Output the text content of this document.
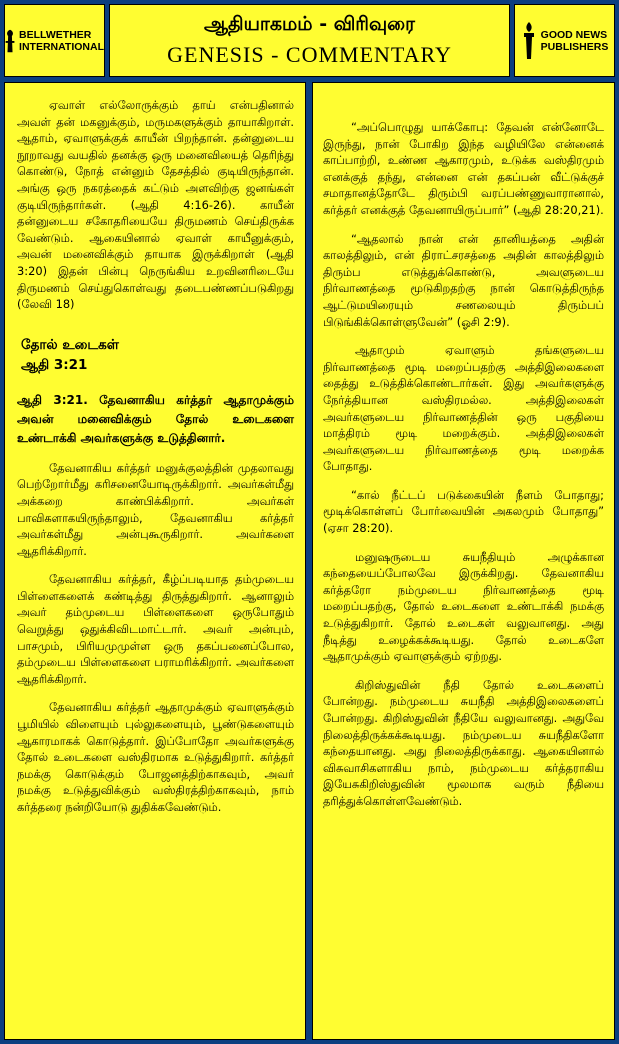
BELLWETHER
INTERNATIONAL
ஆதியாகமம் - விரிவுரை
GENESIS - COMMENTARY
GOOD NEWS
PUBLISHERS

ஏவாள் எல்லோருக்கும் தாய் என்பதினால் அவள் தன் மகனுக்கும், மருமகளுக்கும் தாயாகிறாள். ஆதாம், ஏவாளுக்குக் காயீன் பிறந்தான். தன்னுடைய நூறாவது வயதில் தனக்கு ஒரு மனைவியைத் தெரிந்து கொண்டு, நோத் என்னும் தேசத்தில் குடியிருந்தான். அங்கு ஒரு நகரத்தைக் கட்டும் அளவிற்கு ஜனங்கள் குடியிருந்தார்கள். (ஆதி 4:16-26). காயீன் தன்னுடைய சகோதரியையே திருமணம் செய்திருக்க வேண்டும். ஆகையினால் ஏவாள் காயீனுக்கும், அவன் மனைவிக்கும் தாயாக இருக்கிறாள் (ஆதி 3:20) இதன் பின்பு நெருங்கிய உறவினரிடையே திருமணம் செய்துகொள்வது தடைபண்ணப்படுகிறது (லேவி 18)

தோல் உடைகள்
ஆதி 3:21

ஆதி 3:21. தேவனாகிய கர்த்தர் ஆதாமுக்கும் அவன் மனைவிக்கும் தோல் உடைகளை உண்டாக்கி அவர்களுக்கு உடுத்தினார்.

தேவனாகிய கர்த்தர் மனுக்குலத்தின் முதலாவது பெற்றோர்மீது கரிசனையோடிருக்கிறார். அவர்கள்மீது அக்கறை காண்பிக்கிறார். அவர்கள் பாவிகளாகயிருந்தாலும், தேவனாகிய கர்த்தர் அவர்கள்மீது அன்புகூருகிறார். அவர்களை ஆதரிக்கிறார்.

தேவனாகிய கர்த்தர், கீழ்ப்படியாத தம்முடைய பிள்ளைகளைக் கண்டித்து திருத்துகிறார். ஆனாலும் அவர் தம்முடைய பிள்ளைகளை ஒருபோதும் வெறுத்து ஒதுக்கிவிடமாட்டார். அவர் அன்பும், பாசமும், பிரியமுமுள்ள ஒரு தகப்பனைப்போல, தம்முடைய பிள்ளைகளை பராமரிக்கிறார். அவர்களை ஆதரிக்கிறார்.

தேவனாகிய கர்த்தர் ஆதாமுக்கும் ஏவாளுக்கும் பூமியில் விளையும் புல்லுகளையும், பூண்டுகளையும் ஆகாரமாகக் கொடுத்தார். இப்போதோ அவர்களுக்கு தோல் உடைகளை வஸ்திரமாக உடுத்துகிறார். கர்த்தர் நமக்கு கொடுக்கும் போஜனத்திற்காகவும், அவர் நமக்கு உடுத்துவிக்கும் வஸ்திரத்திற்காகவும், நாம் கர்த்தரை நன்றியோடு துதிக்கவேண்டும்.

“அப்பொழுது யாக்கோபு: தேவன் என்னோடே இருந்து, நான் போகிற இந்த வழியிலே என்னைக் காப்பாற்றி, உண்ண ஆகாரமும், உடுக்க வஸ்திரமும் எனக்குத் தந்து, என்னை என் தகப்பன் வீட்டுக்குச் சமாதானத்தோடே திரும்பி வரப்பண்ணுவாரானால், கர்த்தர் எனக்குத் தேவனாயிருப்பார்” (ஆதி 28:20,21).

“ஆதலால் நான் என் தானியத்தை அதின் காலத்திலும், என் திராட்சரசத்தை அதின் காலத்திலும் திரும்ப எடுத்துக்கொண்டு, அவளுடைய நிர்வாணத்தை மூடுகிறதற்கு நான் கொடுத்திருந்த ஆட்டுமயிரையும் சணலையும் திரும்பப் பிடுங்கிக்கொள்ளுவேன்” (ஓசி 2:9).

ஆதாமும் ஏவாளும் தங்களுடைய நிர்வாணத்தை மூடி மறைப்பதற்கு அத்திஇலைகளை தைத்து உடுத்திக்கொண்டார்கள். இது அவர்களுக்கு நேர்த்தியான வஸ்திரமல்ல. அத்திஇலைகள் அவர்களுடைய நிர்வாணத்தின் ஒரு பகுதியை மாத்திரம் மூடி மறைக்கும். அத்திஇலைகள் அவர்களுடைய நிர்வாணத்தை மூடி மறைக்க போதாது.

“கால் நீட்டப் படுக்கையின் நீளம் போதாது; மூடிக்கொள்ளப் போர்வையின் அகலமும் போதாது” (ஏசா 28:20).

மனுஷருடைய சுயநீதியும் அழுக்கான கந்தையைப்போலவே இருக்கிறது. தேவனாகிய கர்த்தரோ நம்முடைய நிர்வாணத்தை மூடி மறைப்பதற்கு, தோல் உடைகளை உண்டாக்கி நமக்கு உடுத்துகிறார். தோல் உடைகள் வலுவானது. அது நீடித்து உழைக்கக்கூடியது. தோல் உடைகளே ஆதாமுக்கும் ஏவாளுக்கும் ஏற்றது.

கிறிஸ்துவின் நீதி தோல் உடைகளைப் போன்றது. நம்முடைய சுயநீதி அத்திஇலைகளைப் போன்றது. கிறிஸ்துவின் நீதியே வலுவானது. அதுவே நிலைத்திருக்கக்கூடியது. நம்முடைய சுயநீதிகளோ கந்தையானது. அது நிலைத்திருக்காது. ஆகையினால் விசுவாசிகளாகிய நாம், நம்முடைய கர்த்தராகிய இயேசுகிறிஸ்துவின் மூலமாக வரும் நீதியை தரித்துக்கொள்ளவேண்டும்.
